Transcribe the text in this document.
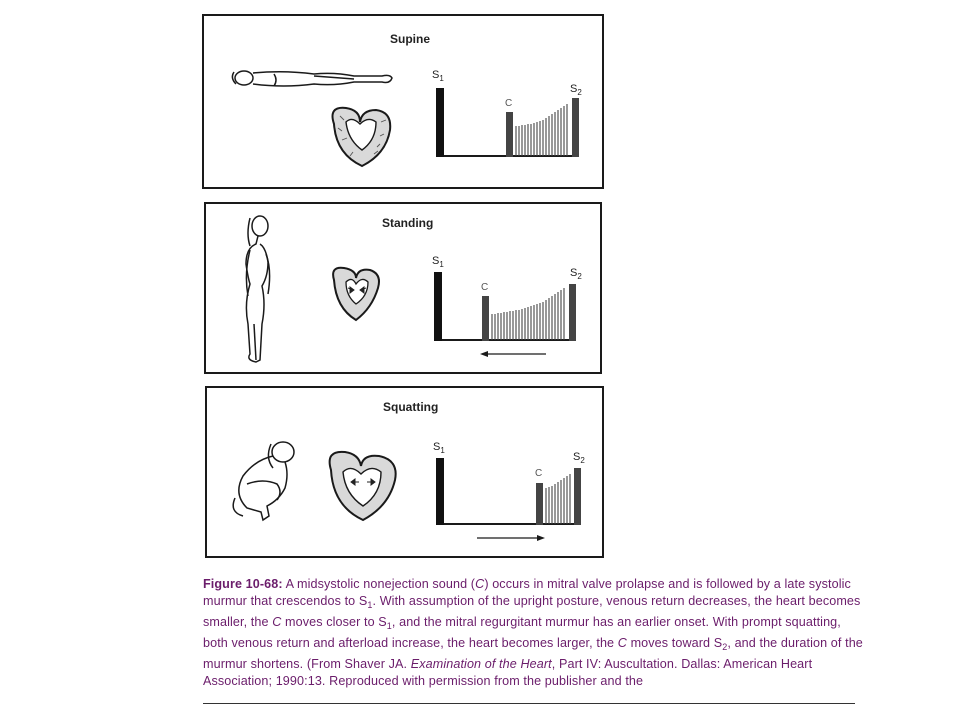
Supine
$S_1$
C
$S_2$
Standing
$S_1$
C
$S_2$
Squatting
$S_1$
C
$S_2$
Figure 10-68: A midsystolic nonejection sound (C) occurs in mitral valve prolapse and is followed by a late systolic murmur that crescendos to $S_1$. With assumption of the upright posture, venous return decreases, the heart becomes smaller, the C moves closer to $S_1$, and the mitral regurgitant murmur has an earlier onset. With prompt squatting, both venous return and afterload increase, the heart becomes larger, the C moves toward $S_2$, and the duration of the murmur shortens. (From Shaver JA. Examination of the Heart, Part IV: Auscultation. Dallas: American Heart Association; 1990:13. Reproduced with permission from the publisher and the
